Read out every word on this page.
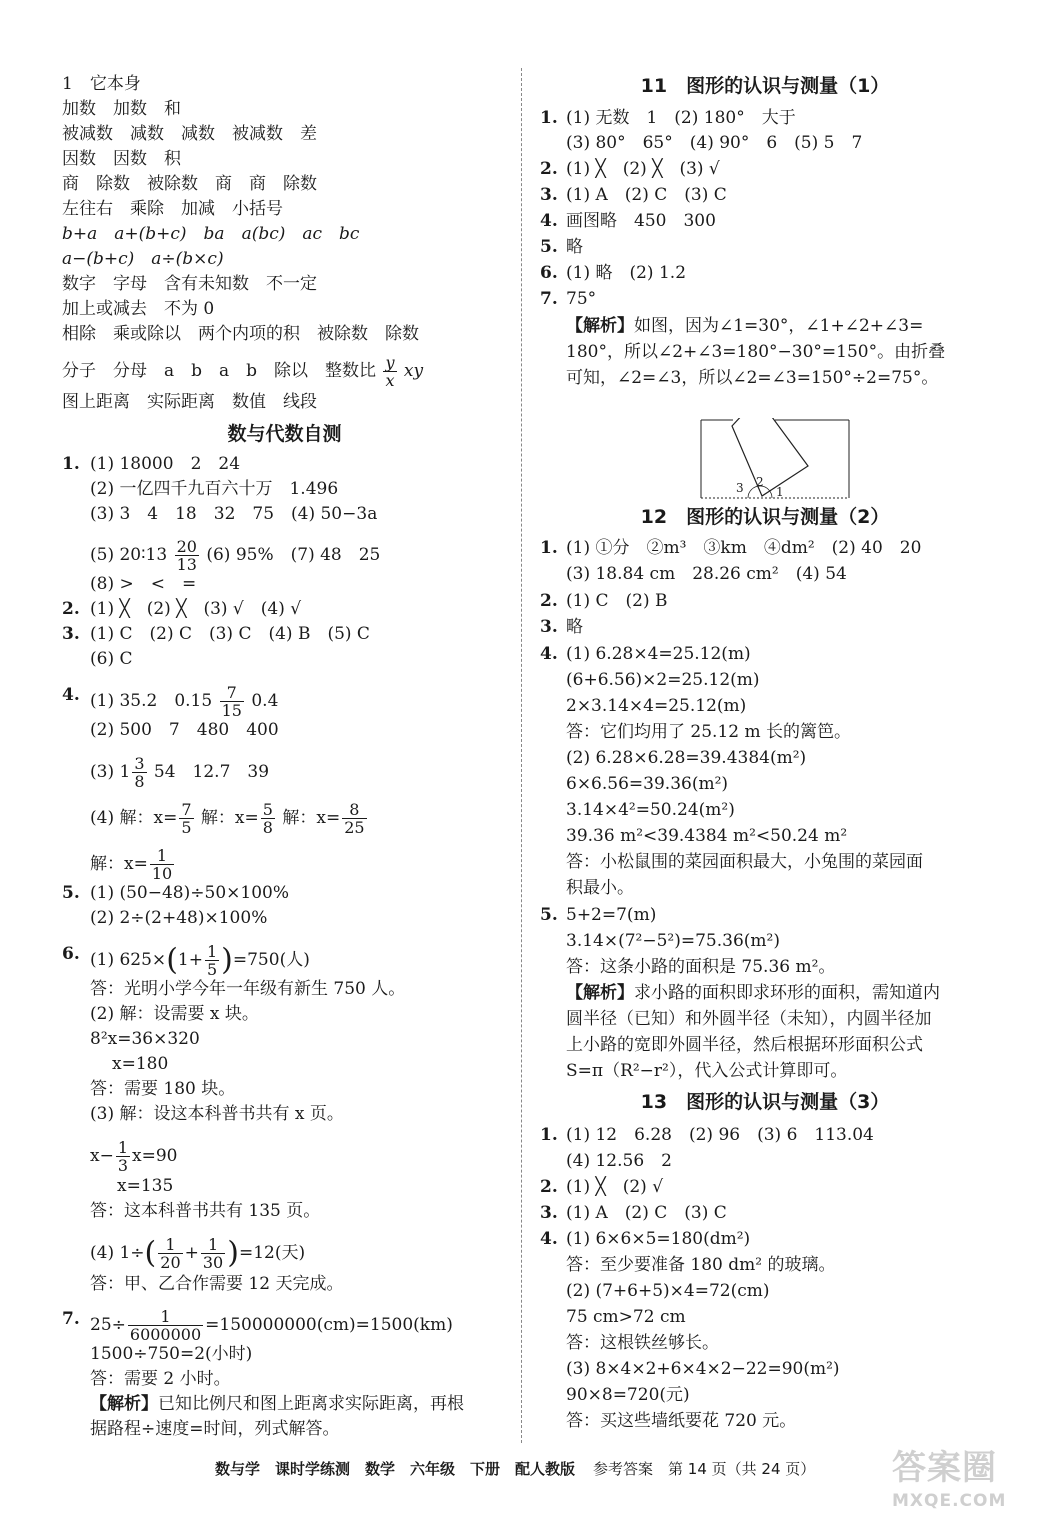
1　它本身
加数　加数　和
被减数　减数　减数　被减数　差
因数　因数　积
商　除数　被除数　商　商　除数
左往右　乘除　加减　小括号
b+a　a+(b+c)　ba　a(bc)　ac　bc
a−(b+c)　a÷(b×c)
数字　字母　含有未知数　不一定
加上或减去　不为 0
相除　乘或除以　两个内项的积　被除数　除数
分子　分母　a　b　a　b　除以　整数比 $\frac{y}{x}$ xy
图上距离　实际距离　数值　线段
数与代数自测
1. (1) 18000　2　24
(2) 一亿四千九百六十万　1.496
(3) 3　4　18　32　75　(4) 50−3a
(5) 20∶13 $\frac{20}{13} (6)$ 95%　(7) 48　25
(8) >　<　=
2. (1) ╳　(2) ╳　(3) √　(4) √
3. (1) C　(2) C　(3) C　(4) B　(5) C
(6) C
4. (1) 35.2　$0.15 \frac{7}{15} 0.4$
(2) 500　7　480　400
(3) $1 \frac{3}{8} 54$　12.7　39
(4) 解：$x= \frac{7}{5}$ 解：$x= \frac{5}{8}$ 解：$x= \frac{8}{25}$
解：$x= \frac{1}{10}$
5. (1) (50−48)÷50×100%
(2) 2÷(2+48)×100%
6. (1) $625\times(1+ \frac{1}{5} )=750$(人)
答：光明小学今年一年级有新生 750 人。
(2) 解：设需要 x 块。
8²x=36×320
x=180
答：需要 180 块。
(3) 解：设这本科普书共有 x 页。
$x- \frac{1}{3} x=90$
x=135
答：这本科普书共有 135 页。
(4) $1\div( \frac{1}{20} + \frac{1}{30} )=12$(天)
答：甲、乙合作需要 12 天完成。
7. $25\div \frac{1}{6000000} =150000000(cm)=1500(km)$
1500÷750=2(小时)
答：需要 2 小时。
【解析】已知比例尺和图上距离求实际距离，再根
据路程÷速度=时间，列式解答。
11　图形的认识与测量（1）
1. (1) 无数　1　(2) 180°　大于
(3) 80°　65°　(4) 90°　6　(5) 5　7
2. (1) ╳　(2) ╳　(3) √
3. (1) A　(2) C　(3) C
4. 画图略　450　300
5. 略
6. (1) 略　(2) 1.2
7. 75°
【解析】如图，因为∠1=30°，∠1+∠2+∠3=
180°，所以∠2+∠3=180°−30°=150°。由折叠
可知，∠2=∠3，所以∠2=∠3=150°÷2=75°。
3 2
1
12　图形的认识与测量（2）
1. (1) ①分　②m³　③km　④dm²　(2) 40　20
(3) 18.84 cm　28.26 cm²　(4) 54
2. (1) C　(2) B
3. 略
4. (1) 6.28×4=25.12(m)
(6+6.56)×2=25.12(m)
2×3.14×4=25.12(m)
答：它们均用了 25.12 m 长的篱笆。
(2) 6.28×6.28=39.4384(m²)
6×6.56=39.36(m²)
3.14×4²=50.24(m²)
39.36 m²<39.4384 m²<50.24 m²
答：小松鼠围的菜园面积最大，小兔围的菜园面
积最小。
5. 5+2=7(m)
3.14×(7²−5²)=75.36(m²)
答：这条小路的面积是 75.36 m²。
【解析】求小路的面积即求环形的面积，需知道内
圆半径（已知）和外圆半径（未知），内圆半径加
上小路的宽即外圆半径，然后根据环形面积公式
S=π（R²−r²），代入公式计算即可。
13　图形的认识与测量（3）
1. (1) 12　6.28　(2) 96　(3) 6　113.04
(4) 12.56　2
2. (1) ╳　(2) √
3. (1) A　(2) C　(3) C
4. (1) 6×6×5=180(dm²)
答：至少要准备 180 dm² 的玻璃。
(2) (7+6+5)×4=72(cm)
75 cm>72 cm
答：这根铁丝够长。
(3) 8×4×2+6×4×2−22=90(m²)
90×8=720(元)
答：买这些墙纸要花 720 元。
数与学　课时学练测　数学　六年级　下册　配人教版 参考答案　第 14 页（共 24 页） 答案圈
MXQE.COM
